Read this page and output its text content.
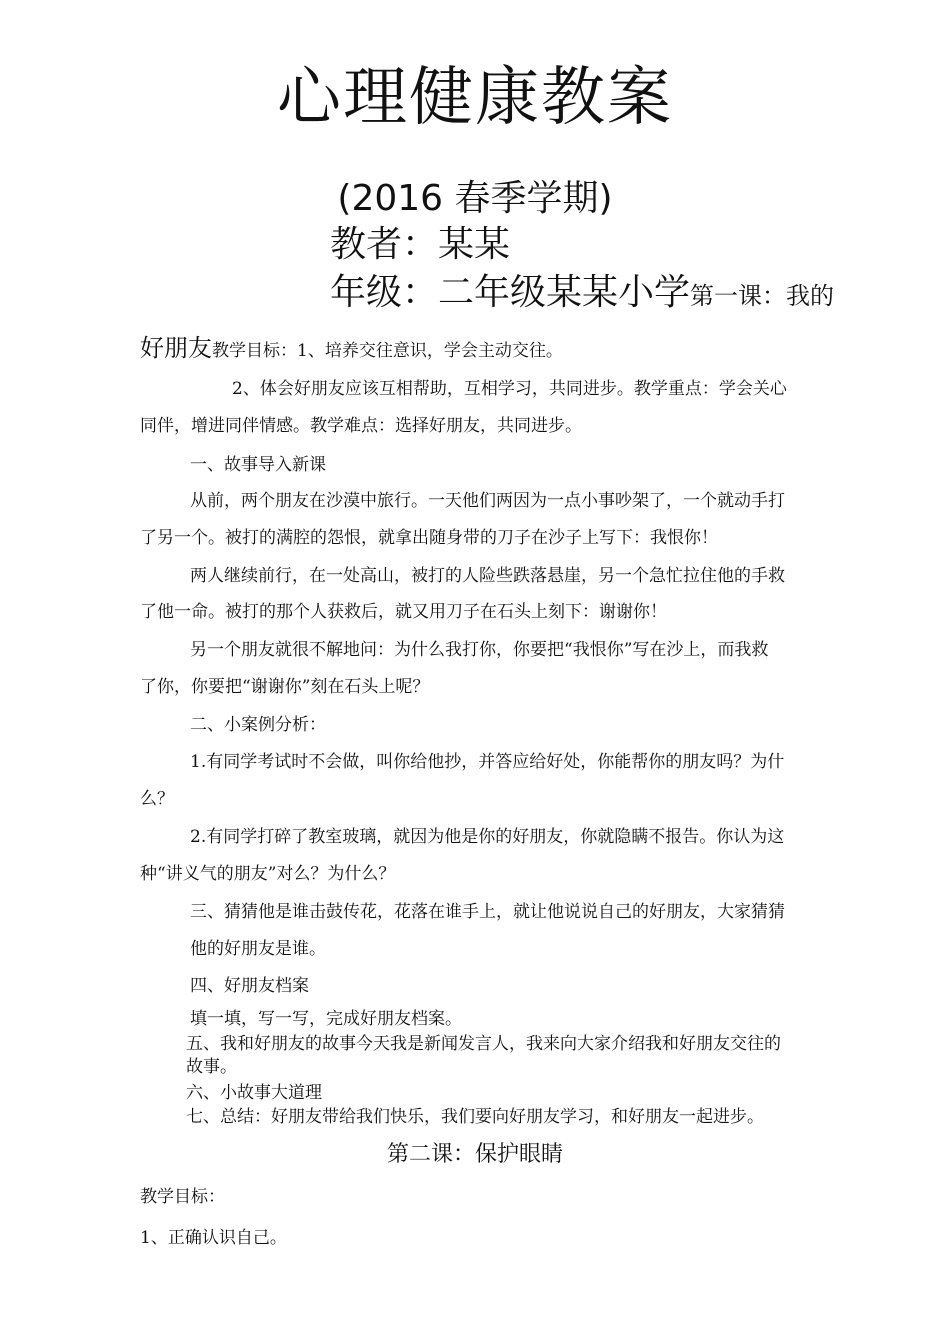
心理健康教案
(2016 春季学期)
教者：某某
年级：二年级某某小学第一课：我的
好朋友教学目标：1、培养交往意识，学会主动交往。
2、体会好朋友应该互相帮助，互相学习，共同进步。教学重点：学会关心
同伴，增进同伴情感。教学难点：选择好朋友，共同进步。
一、故事导入新课
从前，两个朋友在沙漠中旅行。一天他们两因为一点小事吵架了，一个就动手打
了另一个。被打的满腔的怨恨，就拿出随身带的刀子在沙子上写下：我恨你！
两人继续前行，在一处高山，被打的人险些跌落悬崖，另一个急忙拉住他的手救
了他一命。被打的那个人获救后，就又用刀子在石头上刻下：谢谢你！
另一个朋友就很不解地问：为什么我打你，你要把“我恨你”写在沙上，而我救
了你，你要把“谢谢你”刻在石头上呢？
二、小案例分析：
1.有同学考试时不会做，叫你给他抄，并答应给好处，你能帮你的朋友吗？为什
么？
2.有同学打碎了教室玻璃，就因为他是你的好朋友，你就隐瞒不报告。你认为这
种“讲义气的朋友”对么？为什么？
三、猜猜他是谁击鼓传花，花落在谁手上，就让他说说自己的好朋友，大家猜猜
他的好朋友是谁。
四、好朋友档案
填一填，写一写，完成好朋友档案。
五、我和好朋友的故事今天我是新闻发言人，我来向大家介绍我和好朋友交往的
故事。
六、小故事大道理
七、总结：好朋友带给我们快乐，我们要向好朋友学习，和好朋友一起进步。
第二课：保护眼睛
教学目标：
1、正确认识自己。
